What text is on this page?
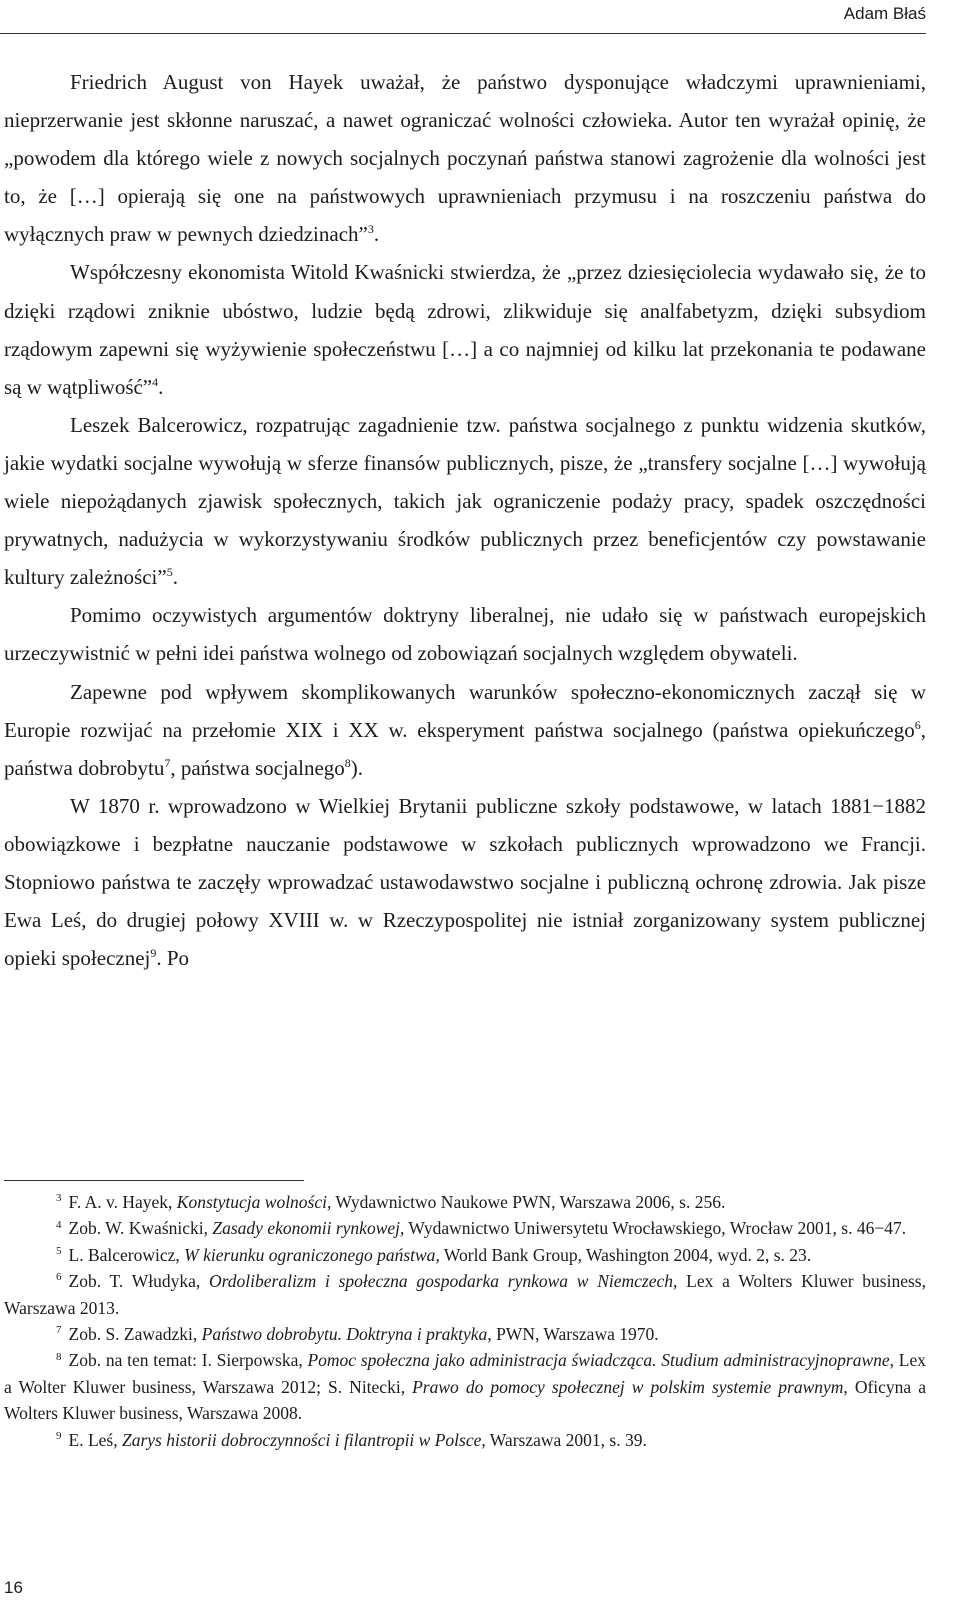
Adam Błaś

Friedrich August von Hayek uważał, że państwo dysponujące władczymi uprawnieniami, nieprzerwanie jest skłonne naruszać, a nawet ograniczać wolności człowieka. Autor ten wyrażał opinię, że „powodem dla którego wiele z nowych socjalnych poczynań państwa stanowi zagrożenie dla wolności jest to, że […] opierają się one na państwowych uprawnieniach przymusu i na roszczeniu państwa do wyłącznych praw w pewnych dziedzinach”$^3$.

Współczesny ekonomista Witold Kwaśnicki stwierdza, że „przez dziesięciolecia wydawało się, że to dzięki rządowi zniknie ubóstwo, ludzie będą zdrowi, zlikwiduje się analfabetyzm, dzięki subsydiom rządowym zapewni się wyżywienie społeczeństwu […] a co najmniej od kilku lat przekonania te podawane są w wątpliwość”$^4$.

Leszek Balcerowicz, rozpatrując zagadnienie tzw. państwa socjalnego z punktu widzenia skutków, jakie wydatki socjalne wywołują w sferze finansów publicznych, pisze, że „transfery socjalne […] wywołują wiele niepożądanych zjawisk społecznych, takich jak ograniczenie podaży pracy, spadek oszczędności prywatnych, nadużycia w wykorzystywaniu środków publicznych przez beneficjentów czy powstawanie kultury zależności”$^5$.

Pomimo oczywistych argumentów doktryny liberalnej, nie udało się w państwach europejskich urzeczywistnić w pełni idei państwa wolnego od zobowiązań socjalnych względem obywateli.

Zapewne pod wpływem skomplikowanych warunków społeczno-ekonomicznych zaczął się w Europie rozwijać na przełomie XIX i XX w. eksperyment państwa socjalnego (państwa opiekuńczego$^6$, państwa dobrobytu$^7$, państwa socjalnego$^8$).

W 1870 r. wprowadzono w Wielkiej Brytanii publiczne szkoły podstawowe, w latach 1881−1882 obowiązkowe i bezpłatne nauczanie podstawowe w szkołach publicznych wprowadzono we Francji. Stopniowo państwa te zaczęły wprowadzać ustawodawstwo socjalne i publiczną ochronę zdrowia. Jak pisze Ewa Leś, do drugiej połowy XVIII w. w Rzeczypospolitej nie istniał zorganizowany system publicznej opieki społecznej$^9$. Po

$^3$ F. A. v. Hayek, Konstytucja wolności, Wydawnictwo Naukowe PWN, Warszawa 2006, s. 256.

$^4$ Zob. W. Kwaśnicki, Zasady ekonomii rynkowej, Wydawnictwo Uniwersytetu Wrocławskiego, Wrocław 2001, s. 46−47.

$^5$ L. Balcerowicz, W kierunku ograniczonego państwa, World Bank Group, Washington 2004, wyd. 2, s. 23.

$^6$ Zob. T. Włudyka, Ordoliberalizm i społeczna gospodarka rynkowa w Niemczech, Lex a Wolters Kluwer business, Warszawa 2013.

$^7$ Zob. S. Zawadzki, Państwo dobrobytu. Doktryna i praktyka, PWN, Warszawa 1970.

$^8$ Zob. na ten temat: I. Sierpowska, Pomoc społeczna jako administracja świadcząca. Studium administracyjnoprawne, Lex a Wolter Kluwer business, Warszawa 2012; S. Nitecki, Prawo do pomocy społecznej w polskim systemie prawnym, Oficyna a Wolters Kluwer business, Warszawa 2008.

$^9$ E. Leś, Zarys historii dobroczynności i filantropii w Polsce, Warszawa 2001, s. 39.

16
